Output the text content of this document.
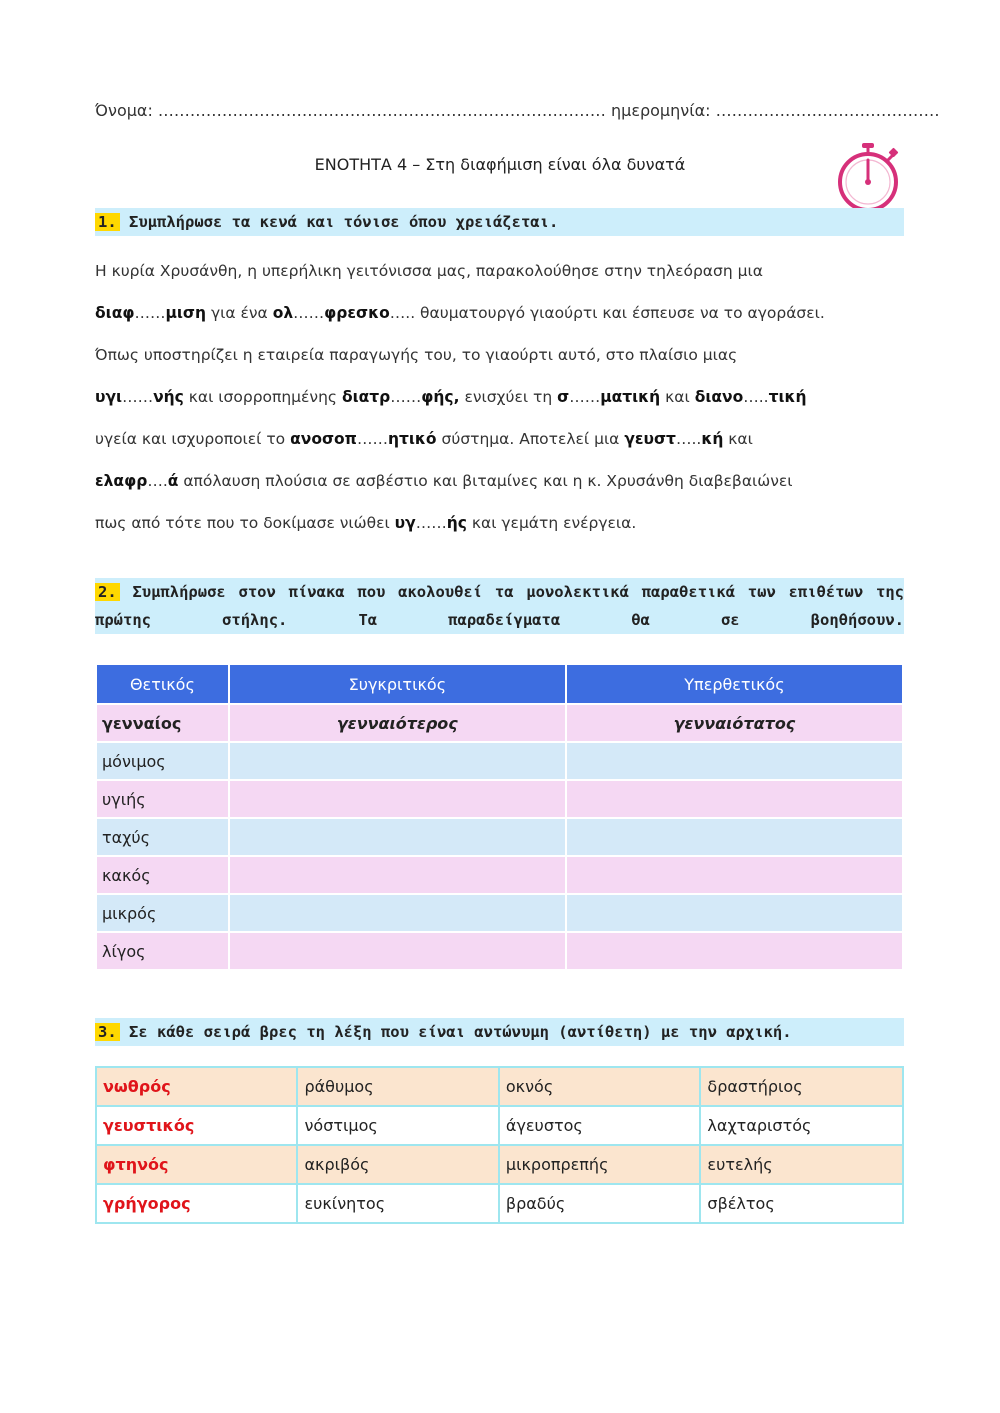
Όνομα: ………………………………………………………………………… ημερομηνία: ……………………………………
ΕΝΟΤΗΤΑ 4 – Στη διαφήμιση είναι όλα δυνατά
1. Συμπλήρωσε τα κενά και τόνισε όπου χρειάζεται.

Η κυρία Χρυσάνθη, η υπερήλικη γειτόνισσα μας, παρακολούθησε στην τηλεόραση μια

διαφ……μιση για ένα ολ……φρεσκο….. θαυματουργό γιαούρτι και έσπευσε να το αγοράσει.

Όπως υποστηρίζει η εταιρεία παραγωγής του, το γιαούρτι αυτό, στο πλαίσιο μιας

υγι……νής και ισορροπημένης διατρ……φής, ενισχύει τη σ……ματική και διανο…..τική

υγεία και ισχυροποιεί το ανοσοπ……ητικό σύστημα. Αποτελεί μια γευστ…..κή και

ελαφρ….ά απόλαυση πλούσια σε ασβέστιο και βιταμίνες και η κ. Χρυσάνθη διαβεβαιώνει

πως από τότε που το δοκίμασε νιώθει υγ……ής και γεμάτη ενέργεια.

2. Συμπλήρωσε στον πίνακα που ακολουθεί τα μονολεκτικά παραθετικά των επιθέτων της πρώτης στήλης. Τα παραδείγματα θα σε βοηθήσουν.
Θετικός	Συγκριτικός	Υπερθετικός
γενναίος	γενναιότερος	γενναιότατος
μόνιμος		
υγιής		
ταχύς		
κακός		
μικρός		
λίγος		
3. Σε κάθε σειρά βρες τη λέξη που είναι αντώνυμη (αντίθετη) με την αρχική.
νωθρός	ράθυμος	οκνός	δραστήριος
γευστικός	νόστιμος	άγευστος	λαχταριστός
φτηνός	ακριβός	μικροπρεπής	ευτελής
γρήγορος	ευκίνητος	βραδύς	σβέλτος
